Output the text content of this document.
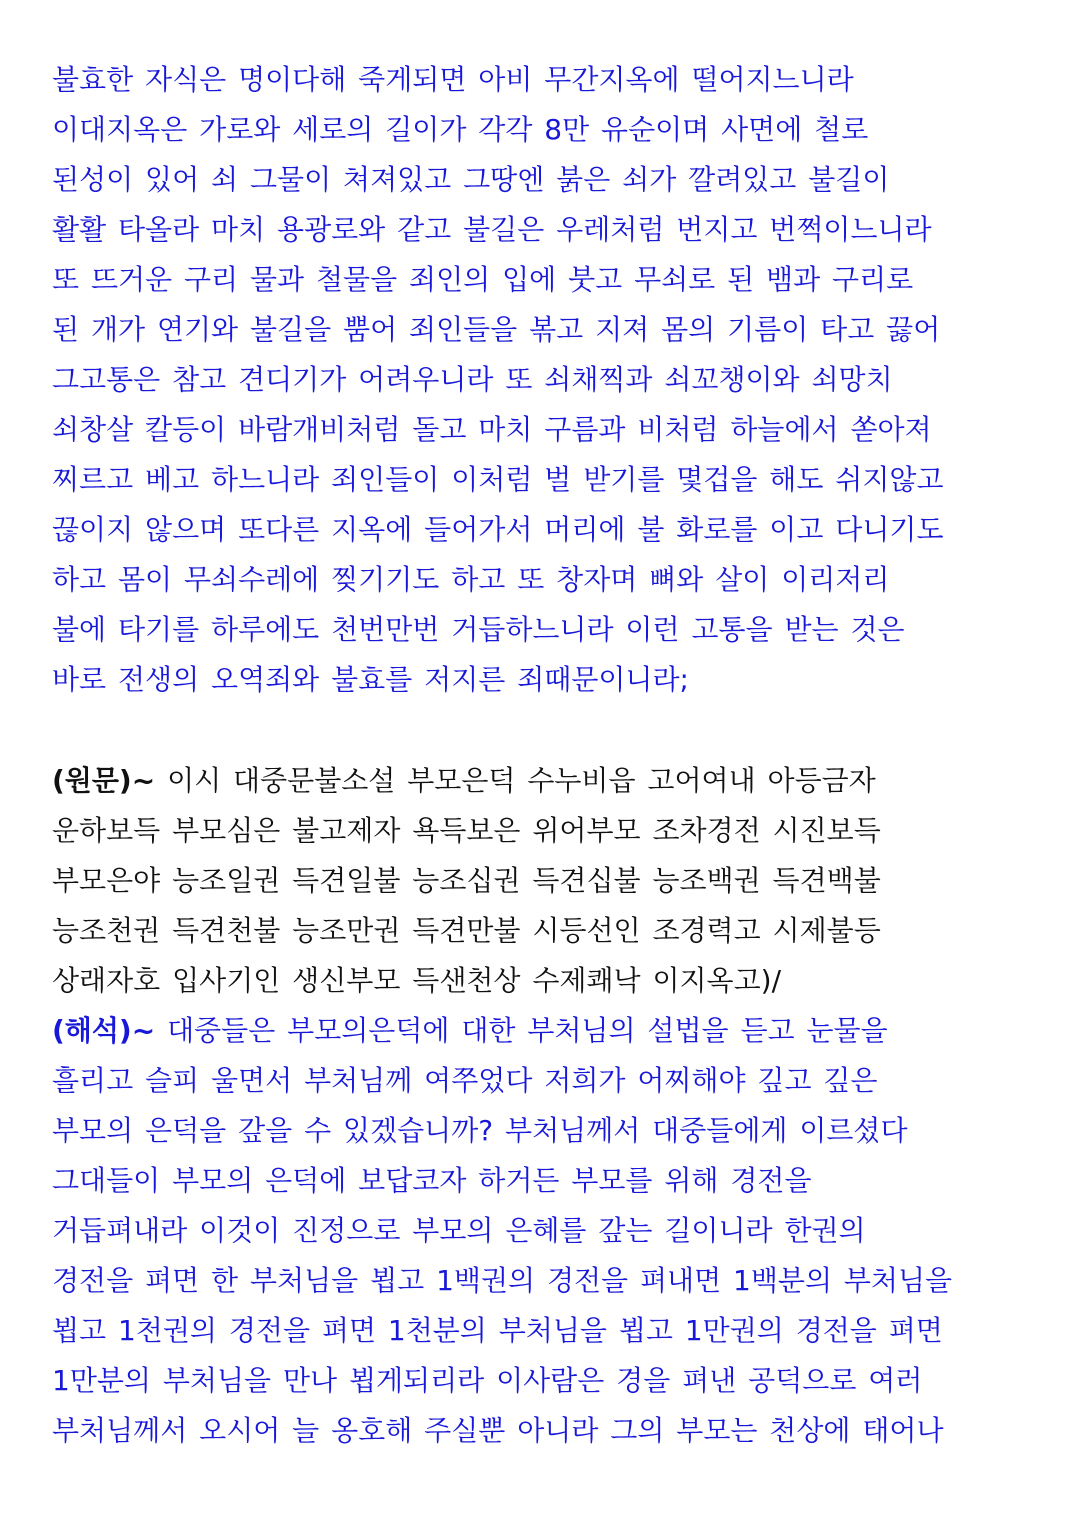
불효한 자식은 명이다해 죽게되면 아비 무간지옥에 떨어지느니라
이대지옥은 가로와 세로의 길이가 각각 8만 유순이며 사면에 철로
된성이 있어 쇠 그물이 쳐져있고 그땅엔 붉은 쇠가 깔려있고 불길이
활활 타올라 마치 용광로와 같고 불길은 우레처럼 번지고 번쩍이느니라
또 뜨거운 구리 물과 철물을 죄인의 입에 붓고 무쇠로 된 뱀과 구리로
된 개가 연기와 불길을 뿜어 죄인들을 볶고 지져 몸의 기름이 타고 끓어
그고통은 참고 견디기가 어려우니라 또 쇠채찍과 쇠꼬챙이와 쇠망치
쇠창살 칼등이 바람개비처럼 돌고 마치 구름과 비처럼 하늘에서 쏟아져
찌르고 베고 하느니라 죄인들이 이처럼 벌 받기를 몇겁을 해도 쉬지않고
끊이지 않으며 또다른 지옥에 들어가서 머리에 불 화로를 이고 다니기도
하고 몸이 무쇠수레에 찢기기도 하고 또 창자며 뼈와 살이 이리저리
불에 타기를 하루에도 천번만번 거듭하느니라 이런 고통을 받는 것은
바로 전생의 오역죄와 불효를 저지른 죄때문이니라;
(원문)~ 이시 대중문불소설 부모은덕 수누비읍 고어여내 아등금자
운하보득 부모심은 불고제자 욕득보은 위어부모 조차경전 시진보득
부모은야 능조일권 득견일불 능조십권 득견십불 능조백권 득견백불
능조천권 득견천불 능조만권 득견만불 시등선인 조경력고 시제불등
상래자호 입사기인 생신부모 득샌천상 수제쾌낙 이지옥고)/
(해석)~ 대중들은 부모의은덕에 대한 부처님의 설법을 듣고 눈물을
흘리고 슬피 울면서 부처님께 여쭈었다 저희가 어찌해야 깊고 깊은
부모의 은덕을 갚을 수 있겠습니까? 부처님께서 대중들에게 이르셨다
그대들이 부모의 은덕에 보답코자 하거든 부모를 위해 경전을
거듭펴내라 이것이 진정으로 부모의 은혜를 갚는 길이니라 한권의
경전을 펴면 한 부처님을 뵙고 1백권의 경전을 펴내면 1백분의 부처님을
뵙고 1천권의 경전을 펴면 1천분의 부처님을 뵙고 1만권의 경전을 펴면
1만분의 부처님을 만나 뵙게되리라 이사람은 경을 펴낸 공덕으로 여러
부처님께서 오시어 늘 옹호해 주실뿐 아니라 그의 부모는 천상에 태어나
